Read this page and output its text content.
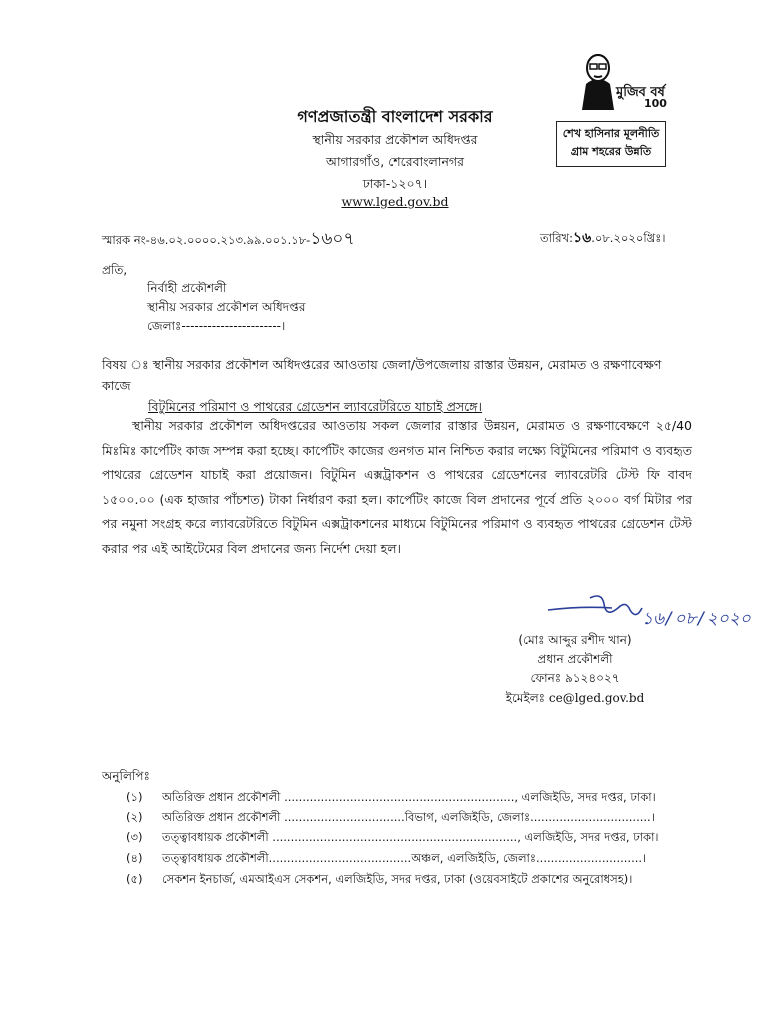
গণপ্রজাতন্ত্রী বাংলাদেশ সরকার
স্থানীয় সরকার প্রকৌশল অধিদপ্তর
আগারগাঁও, শেরেবাংলানগর
ঢাকা-১২০৭।
www.lged.gov.bd
মুজিব বর্ষ
100
শেখ হাসিনার মূলনীতি
গ্রাম শহরের উন্নতি
স্মারক নং-৪৬.০২.০০০০.২১৩.৯৯.০০১.১৮-১৬০৭	তারিখ:১৬.০৮.২০২০খ্রিঃ।
প্রতি,
নির্বাহী প্রকৌশলী
স্থানীয় সরকার প্রকৌশল অধিদপ্তর
জেলাঃ-----------------------।
বিষয় ঃ স্থানীয় সরকার প্রকৌশল অধিদপ্তরের আওতায় জেলা/উপজেলায় রাস্তার উন্নয়ন, মেরামত ও রক্ষণাবেক্ষণ কাজে
বিটুমিনের পরিমাণ ও পাথরের গ্রেডেশন ল্যাবরেটরিতে যাচাই প্রসঙ্গে।
স্থানীয় সরকার প্রকৌশল অধিদপ্তরের আওতায় সকল জেলার রাস্তার উন্নয়ন, মেরামত ও রক্ষণাবেক্ষণে ২৫/40 মিঃমিঃ কার্পেটিং কাজ সম্পন্ন করা হচ্ছে। কার্পেটিং কাজের গুনগত মান নিশ্চিত করার লক্ষ্যে বিটুমিনের পরিমাণ ও ব্যবহৃত পাথরের গ্রেডেশন যাচাই করা প্রয়োজন। বিটুমিন এক্সট্রাকশন ও পাথরের গ্রেডেশনের ল্যাবরেটরি টেস্ট ফি বাবদ ১৫০০.০০ (এক হাজার পাঁচশত) টাকা নির্ধারণ করা হল। কার্পেটিং কাজে বিল প্রদানের পূর্বে প্রতি ২০০০ বর্গ মিটার পর পর নমুনা সংগ্রহ করে ল্যাবরেটরিতে বিটুমিন এক্সট্রাকশনের মাধ্যমে বিটুমিনের পরিমাণ ও ব্যবহৃত পাথরের গ্রেডেশন টেস্ট করার পর এই আইটেমের বিল প্রদানের জন্য নির্দেশ দেয়া হল।
১৬/০৮/২০২০
(মোঃ আব্দুর রশীদ খান)
প্রধান প্রকৌশলী
ফোনঃ ৯১২৪০২৭
ইমেইলঃ ce@lged.gov.bd
অনুলিপিঃ
(১) অতিরিক্ত প্রধান প্রকৌশলী ..............................................................., এলজিইডি, সদর দপ্তর, ঢাকা।
(২) অতিরিক্ত প্রধান প্রকৌশলী .................................বিভাগ, এলজিইডি, জেলাঃ.................................।
(৩) তত্ত্বাবধায়ক প্রকৌশলী ..................................................................., এলজিইডি, সদর দপ্তর, ঢাকা।
(৪) তত্ত্বাবধায়ক প্রকৌশলী.......................................অঞ্চল, এলজিইডি, জেলাঃ.............................।
(৫) সেকশন ইনচার্জ, এমআইএস সেকশন, এলজিইডি, সদর দপ্তর, ঢাকা (ওয়েবসাইটে প্রকাশের অনুরোধসহ)।
